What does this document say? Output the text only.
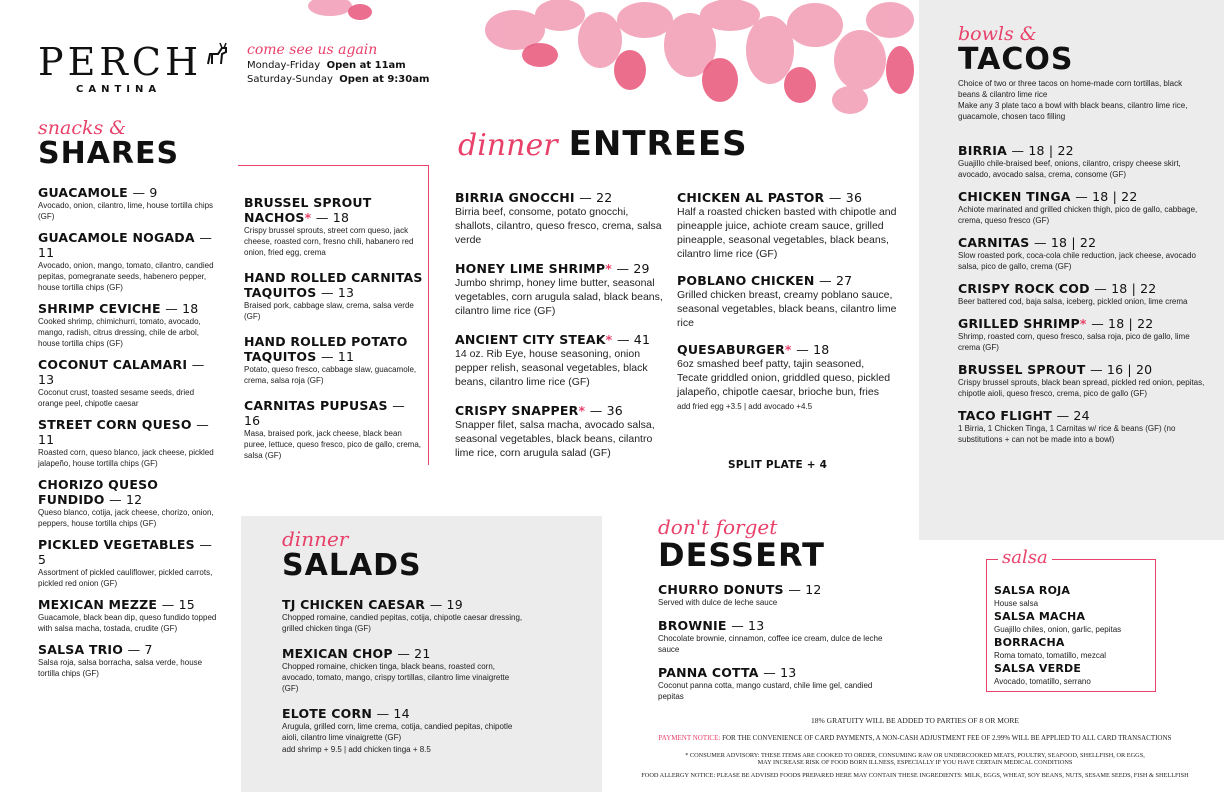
PERCH
CANTINA
come see us again
Monday-Friday Open at 11am
Saturday-Sunday Open at 9:30am
snacks &
SHARES
GUACAMOLE — 9
Avocado, onion, cilantro, lime, house tortilla chips (GF)
GUACAMOLE NOGADA — 11
Avocado, onion, mango, tomato, cilantro, candied pepitas, pomegranate seeds, habenero pepper, house tortilla chips (GF)
SHRIMP CEVICHE — 18
Cooked shrimp, chimichurri, tomato, avocado, mango, radish, citrus dressing, chile de arbol, house tortilla chips (GF)
COCONUT CALAMARI — 13
Coconut crust, toasted sesame seeds, dried orange peel, chipotle caesar
STREET CORN QUESO — 11
Roasted corn, queso blanco, jack cheese, pickled jalapeño, house tortilla chips (GF)
CHORIZO QUESO FUNDIDO — 12
Queso blanco, cotija, jack cheese, chorizo, onion, peppers, house tortilla chips (GF)
PICKLED VEGETABLES — 5
Assortment of pickled cauliflower, pickled carrots, pickled red onion (GF)
MEXICAN MEZZE — 15
Guacamole, black bean dip, queso fundido topped with salsa macha, tostada, crudite (GF)
SALSA TRIO — 7
Salsa roja, salsa borracha, salsa verde, house tortilla chips (GF)
BRUSSEL SPROUT NACHOS* — 18
Crispy brussel sprouts, street corn queso, jack cheese, roasted corn, fresno chili, habanero red onion, fried egg, crema
HAND ROLLED CARNITAS TAQUITOS — 13
Braised pork, cabbage slaw, crema, salsa verde (GF)
HAND ROLLED POTATO TAQUITOS — 11
Potato, queso fresco, cabbage slaw, guacamole, crema, salsa roja (GF)
CARNITAS PUPUSAS — 16
Masa, braised pork, jack cheese, black bean puree, lettuce, queso fresco, pico de gallo, crema, salsa (GF)
dinner ENTREES
BIRRIA GNOCCHI — 22
Birria beef, consome, potato gnocchi, shallots, cilantro, queso fresco, crema, salsa verde
HONEY LIME SHRIMP* — 29
Jumbo shrimp, honey lime butter, seasonal vegetables, corn arugula salad, black beans, cilantro lime rice (GF)
ANCIENT CITY STEAK* — 41
14 oz. Rib Eye, house seasoning, onion pepper relish, seasonal vegetables, black beans, cilantro lime rice (GF)
CRISPY SNAPPER* — 36
Snapper filet, salsa macha, avocado salsa, seasonal vegetables, black beans, cilantro lime rice, corn arugula salad (GF)
CHICKEN AL PASTOR — 36
Half a roasted chicken basted with chipotle and pineapple juice, achiote cream sauce, grilled pineapple, seasonal vegetables, black beans, cilantro lime rice (GF)
POBLANO CHICKEN — 27
Grilled chicken breast, creamy poblano sauce, seasonal vegetables, black beans, cilantro lime rice
QUESABURGER* — 18
6oz smashed beef patty, tajin seasoned, Tecate griddled onion, griddled queso, pickled jalapeño, chipotle caesar, brioche bun, fries
add fried egg +3.5 | add avocado +4.5
SPLIT PLATE + 4
dinner
SALADS
TJ CHICKEN CAESAR — 19
Chopped romaine, candied pepitas, cotija, chipotle caesar dressing, grilled chicken tinga (GF)
MEXICAN CHOP — 21
Chopped romaine, chicken tinga, black beans, roasted corn, avocado, tomato, mango, crispy tortillas, cilantro lime vinaigrette (GF)
ELOTE CORN — 14
Arugula, grilled corn, lime crema, cotija, candied pepitas, chipotle aioli, cilantro lime vinaigrette (GF)
add shrimp + 9.5 | add chicken tinga + 8.5
don't forget
DESSERT
CHURRO DONUTS — 12
Served with dulce de leche sauce
BROWNIE — 13
Chocolate brownie, cinnamon, coffee ice cream, dulce de leche sauce
PANNA COTTA — 13
Coconut panna cotta, mango custard, chile lime gel, candied pepitas
bowls &
TACOS
Choice of two or three tacos on home-made corn tortillas, black beans & cilantro lime rice
Make any 3 plate taco a bowl with black beans, cilantro lime rice, guacamole, chosen taco filling
BIRRIA — 18 | 22
Guajillo chile-braised beef, onions, cilantro, crispy cheese skirt, avocado, avocado salsa, crema, consome (GF)
CHICKEN TINGA — 18 | 22
Achiote marinated and grilled chicken thigh, pico de gallo, cabbage, crema, queso fresco (GF)
CARNITAS — 18 | 22
Slow roasted pork, coca-cola chile reduction, jack cheese, avocado salsa, pico de gallo, crema (GF)
CRISPY ROCK COD — 18 | 22
Beer battered cod, baja salsa, iceberg, pickled onion, lime crema
GRILLED SHRIMP* — 18 | 22
Shrimp, roasted corn, queso fresco, salsa roja, pico de gallo, lime crema (GF)
BRUSSEL SPROUT — 16 | 20
Crispy brussel sprouts, black bean spread, pickled red onion, pepitas, chipotle aioli, queso fresco, crema, pico de gallo (GF)
TACO FLIGHT — 24
1 Birria, 1 Chicken Tinga, 1 Carnitas w/ rice & beans (GF) (no substitutions + can not be made into a bowl)
salsa
SALSA ROJA
House salsa
SALSA MACHA
Guajillo chiles, onion, garlic, pepitas
BORRACHA
Roma tomato, tomatillo, mezcal
SALSA VERDE
Avocado, tomatillo, serrano
18% GRATUITY WILL BE ADDED TO PARTIES OF 8 OR MORE
PAYMENT NOTICE: FOR THE CONVENIENCE OF CARD PAYMENTS, A NON-CASH ADJUSTMENT FEE OF 2.99% WILL BE APPLIED TO ALL CARD TRANSACTIONS
* CONSUMER ADVISORY: THESE ITEMS ARE COOKED TO ORDER, CONSUMING RAW OR UNDERCOOKED MEATS, POULTRY, SEAFOOD, SHELLFISH, OR EGGS,
MAY INCREASE RISK OF FOOD BORN ILLNESS, ESPECIALLY IF YOU HAVE CERTAIN MEDICAL CONDITIONS
FOOD ALLERGY NOTICE: PLEASE BE ADVISED FOODS PREPARED HERE MAY CONTAIN THESE INGREDIENTS: MILK, EGGS, WHEAT, SOY BEANS, NUTS, SESAME SEEDS, FISH & SHELLFISH
